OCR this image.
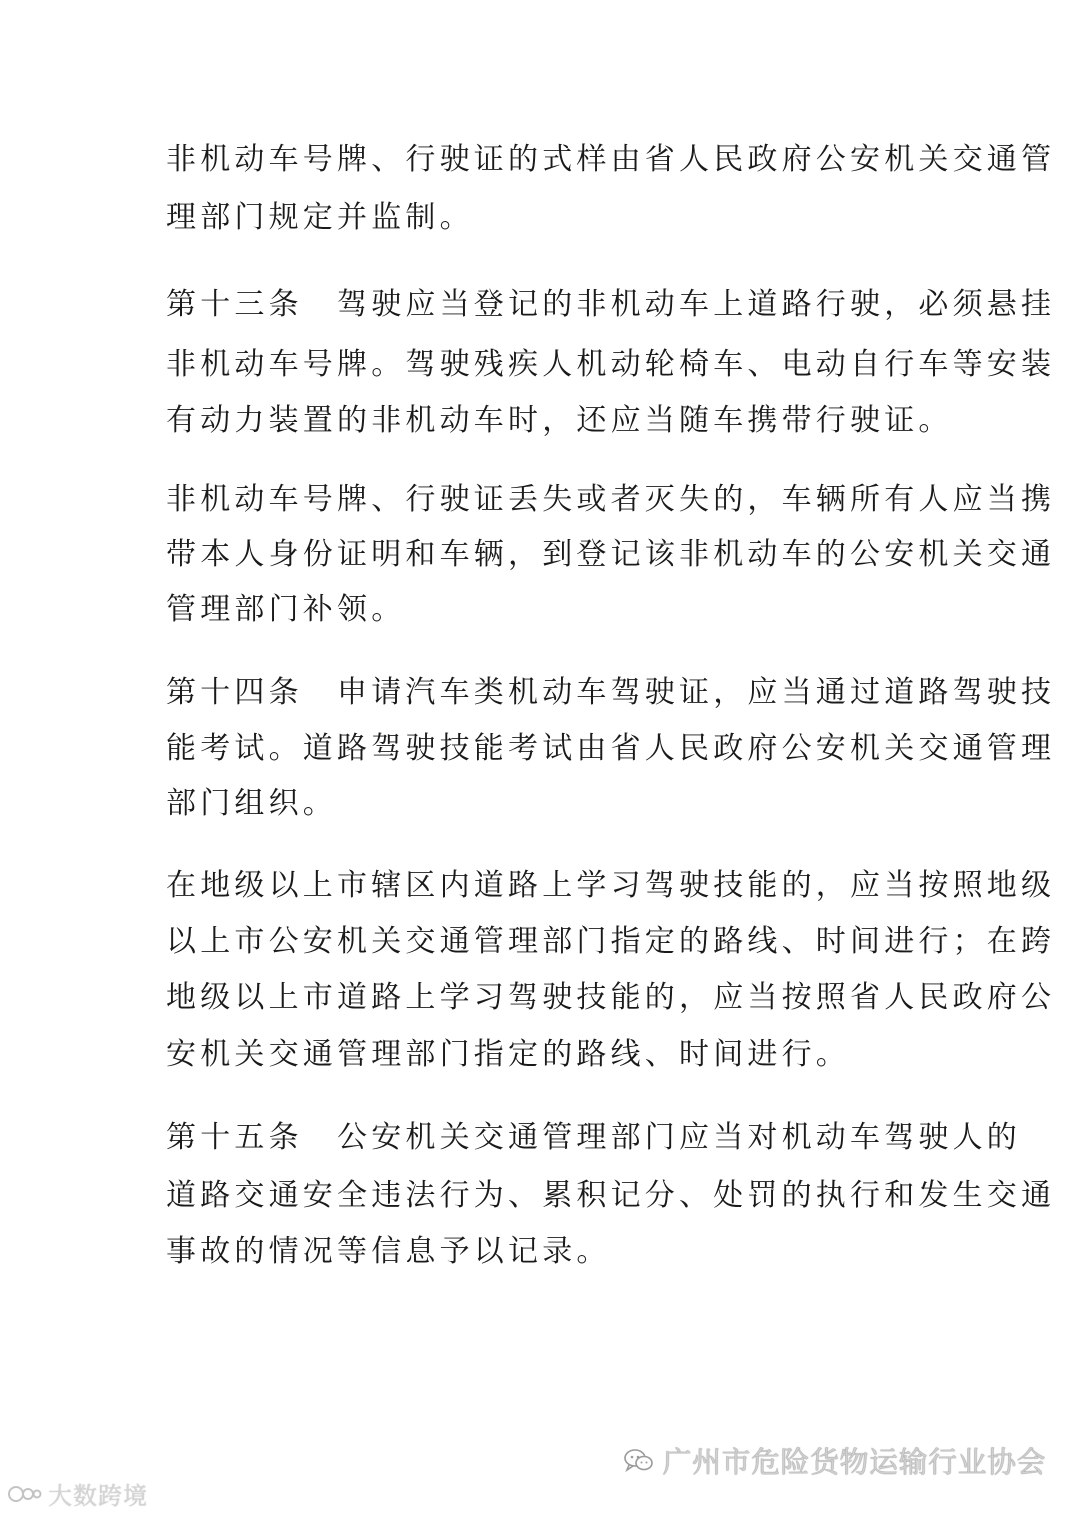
非机动车号牌、行驶证的式样由省人民政府公安机关交通管
理部门规定并监制。
第十三条　驾驶应当登记的非机动车上道路行驶，必须悬挂
非机动车号牌。驾驶残疾人机动轮椅车、电动自行车等安装
有动力装置的非机动车时，还应当随车携带行驶证。
非机动车号牌、行驶证丢失或者灭失的，车辆所有人应当携
带本人身份证明和车辆，到登记该非机动车的公安机关交通
管理部门补领。
第十四条　申请汽车类机动车驾驶证，应当通过道路驾驶技
能考试。道路驾驶技能考试由省人民政府公安机关交通管理
部门组织。
在地级以上市辖区内道路上学习驾驶技能的，应当按照地级
以上市公安机关交通管理部门指定的路线、时间进行；在跨
地级以上市道路上学习驾驶技能的，应当按照省人民政府公
安机关交通管理部门指定的路线、时间进行。
第十五条　公安机关交通管理部门应当对机动车驾驶人的
道路交通安全违法行为、累积记分、处罚的执行和发生交通
事故的情况等信息予以记录。
广州市危险货物运输行业协会
大数跨境
